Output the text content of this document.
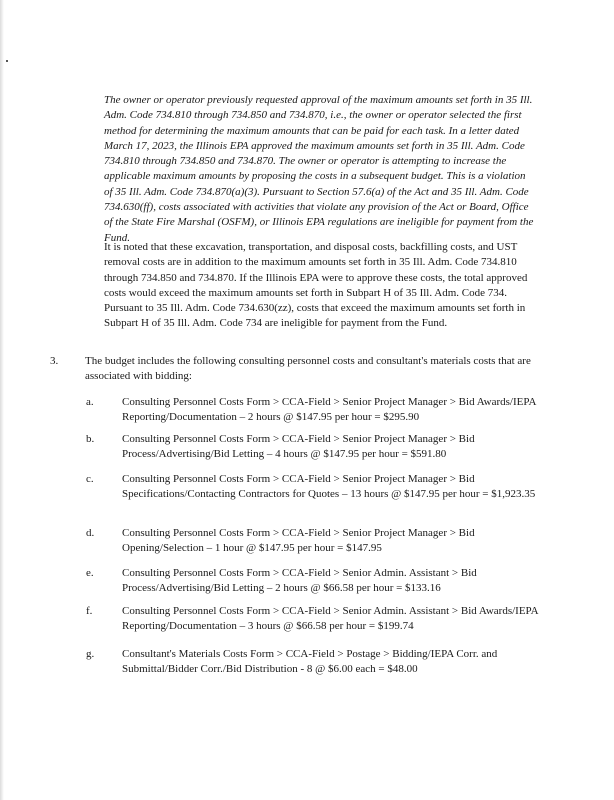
The owner or operator previously requested approval of the maximum amounts set forth in 35 Ill. Adm. Code 734.810 through 734.850 and 734.870, i.e., the owner or operator selected the first method for determining the maximum amounts that can be paid for each task. In a letter dated March 17, 2023, the Illinois EPA approved the maximum amounts set forth in 35 Ill. Adm. Code 734.810 through 734.850 and 734.870. The owner or operator is attempting to increase the applicable maximum amounts by proposing the costs in a subsequent budget. This is a violation of 35 Ill. Adm. Code 734.870(a)(3). Pursuant to Section 57.6(a) of the Act and 35 Ill. Adm. Code 734.630(ff), costs associated with activities that violate any provision of the Act or Board, Office of the State Fire Marshal (OSFM), or Illinois EPA regulations are ineligible for payment from the Fund.

It is noted that these excavation, transportation, and disposal costs, backfilling costs, and UST removal costs are in addition to the maximum amounts set forth in 35 Ill. Adm. Code 734.810 through 734.850 and 734.870. If the Illinois EPA were to approve these costs, the total approved costs would exceed the maximum amounts set forth in Subpart H of 35 Ill. Adm. Code 734. Pursuant to 35 Ill. Adm. Code 734.630(zz), costs that exceed the maximum amounts set forth in Subpart H of 35 Ill. Adm. Code 734 are ineligible for payment from the Fund.

3. The budget includes the following consulting personnel costs and consultant's materials costs that are associated with bidding:

a.	Consulting Personnel Costs Form > CCA-Field > Senior Project Manager > Bid Awards/IEPA Reporting/Documentation – 2 hours @ $147.95 per hour = $295.90

b.	Consulting Personnel Costs Form > CCA-Field > Senior Project Manager > Bid Process/Advertising/Bid Letting – 4 hours @ $147.95 per hour = $591.80

c.	Consulting Personnel Costs Form > CCA-Field > Senior Project Manager > Bid Specifications/Contacting Contractors for Quotes – 13 hours @ $147.95 per hour = $1,923.35

d.	Consulting Personnel Costs Form > CCA-Field > Senior Project Manager > Bid Opening/Selection – 1 hour @ $147.95 per hour = $147.95

e.	Consulting Personnel Costs Form > CCA-Field > Senior Admin. Assistant > Bid Process/Advertising/Bid Letting – 2 hours @ $66.58 per hour = $133.16

f.	Consulting Personnel Costs Form > CCA-Field > Senior Admin. Assistant > Bid Awards/IEPA Reporting/Documentation – 3 hours @ $66.58 per hour = $199.74

g.	Consultant's Materials Costs Form > CCA-Field > Postage > Bidding/IEPA Corr. and Submittal/Bidder Corr./Bid Distribution - 8 @ $6.00 each = $48.00
